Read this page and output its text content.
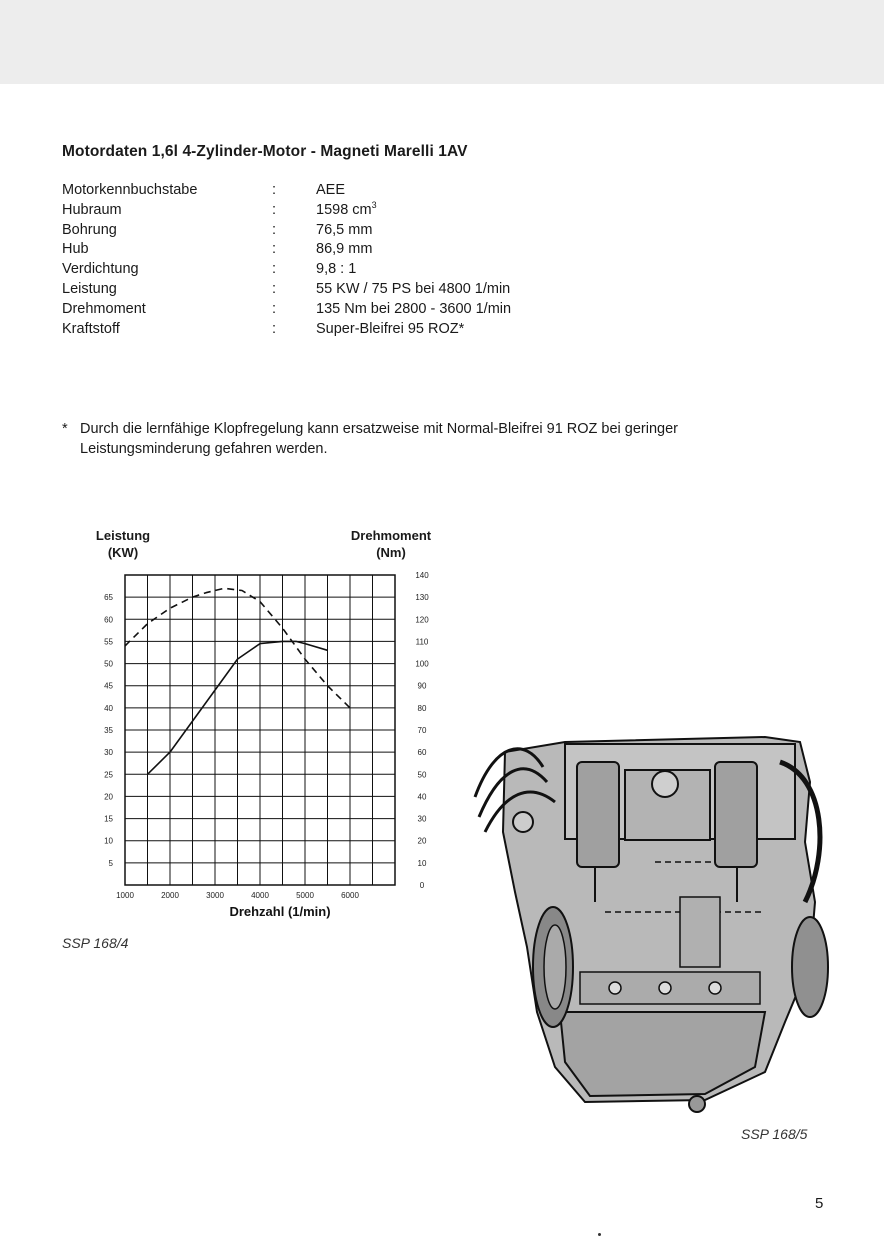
Motordaten 1,6l 4-Zylinder-Motor - Magneti Marelli 1AV
Motorkennbuchstabe	:	AEE
Hubraum	:	1598 $cm^3$
Bohrung	:	76,5 mm
Hub	:	86,9 mm
Verdichtung	:	9,8 : 1
Leistung	:	55 KW / 75 PS bei 4800 1/min
Drehmoment	:	135 Nm bei 2800 - 3600 1/min
Kraftstoff	:	Super-Bleifrei 95 ROZ*
* Durch die lernfähige Klopfregelung kann ersatzweise mit Normal-Bleifrei 91 ROZ bei geringer Leistungsminderung gefahren werden.
Leistung
(KW)
Drehmoment
(Nm)
5
10
15
20
25
30
35
40
45
50
55
60
65
0
10
20
30
40
50
60
70
80
90
100
110
120
130
140
1000	2000	3000	4000	5000	6000
Drehzahl (1/min)
SSP 168/4
SSP 168/5
5
